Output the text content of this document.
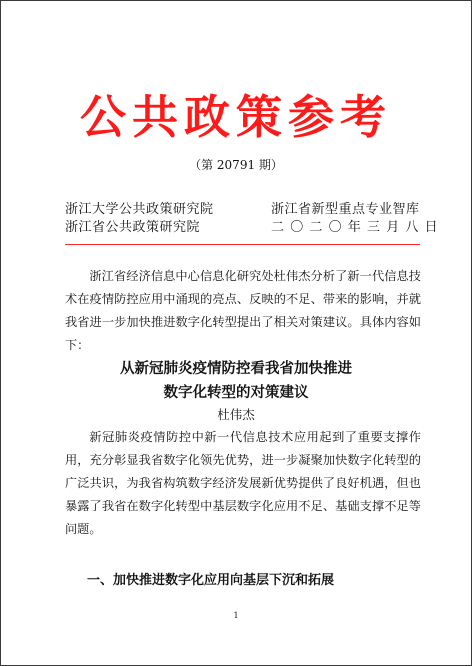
公共政策参考
（第 20791 期）
浙江大学公共政策研究院
浙江省公共政策研究院
浙江省新型重点专业智库
二〇二〇年三月八日
浙江省经济信息中心信息化研究处杜伟杰分析了新一代信息技术在疫情防控应用中涌现的亮点、反映的不足、带来的影响，并就我省进一步加快推进数字化转型提出了相关对策建议。具体内容如下：
从新冠肺炎疫情防控看我省加快推进
数字化转型的对策建议
杜伟杰
新冠肺炎疫情防控中新一代信息技术应用起到了重要支撑作用，充分彰显我省数字化领先优势，进一步凝聚加快数字化转型的广泛共识，为我省构筑数字经济发展新优势提供了良好机遇，但也暴露了我省在数字化转型中基层数字化应用不足、基础支撑不足等问题。
一、加快推进数字化应用向基层下沉和拓展
1
